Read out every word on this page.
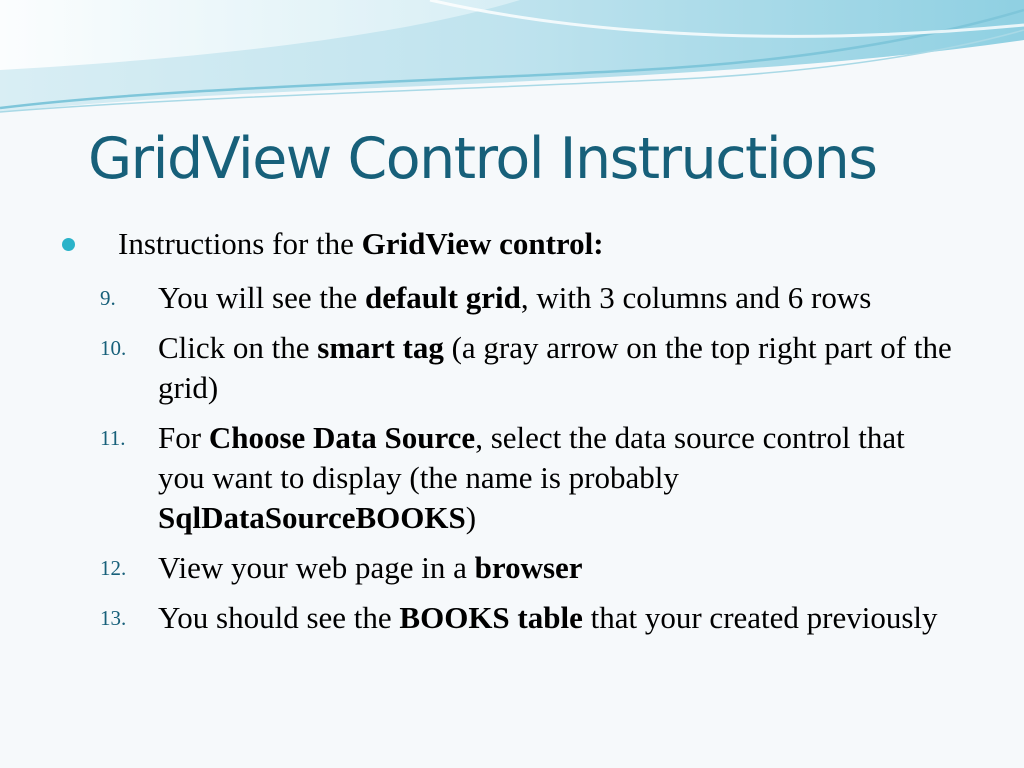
GridView Control Instructions
Instructions for the GridView control:
9.	You will see the default grid, with 3 columns and 6 rows
10.	Click on the smart tag (a gray arrow on the top right part of the grid)
11.	For Choose Data Source, select the data source control that you want to display (the name is probably SqlDataSourceBOOKS)
12.	View your web page in a browser
13.	You should see the BOOKS table that your created previously
